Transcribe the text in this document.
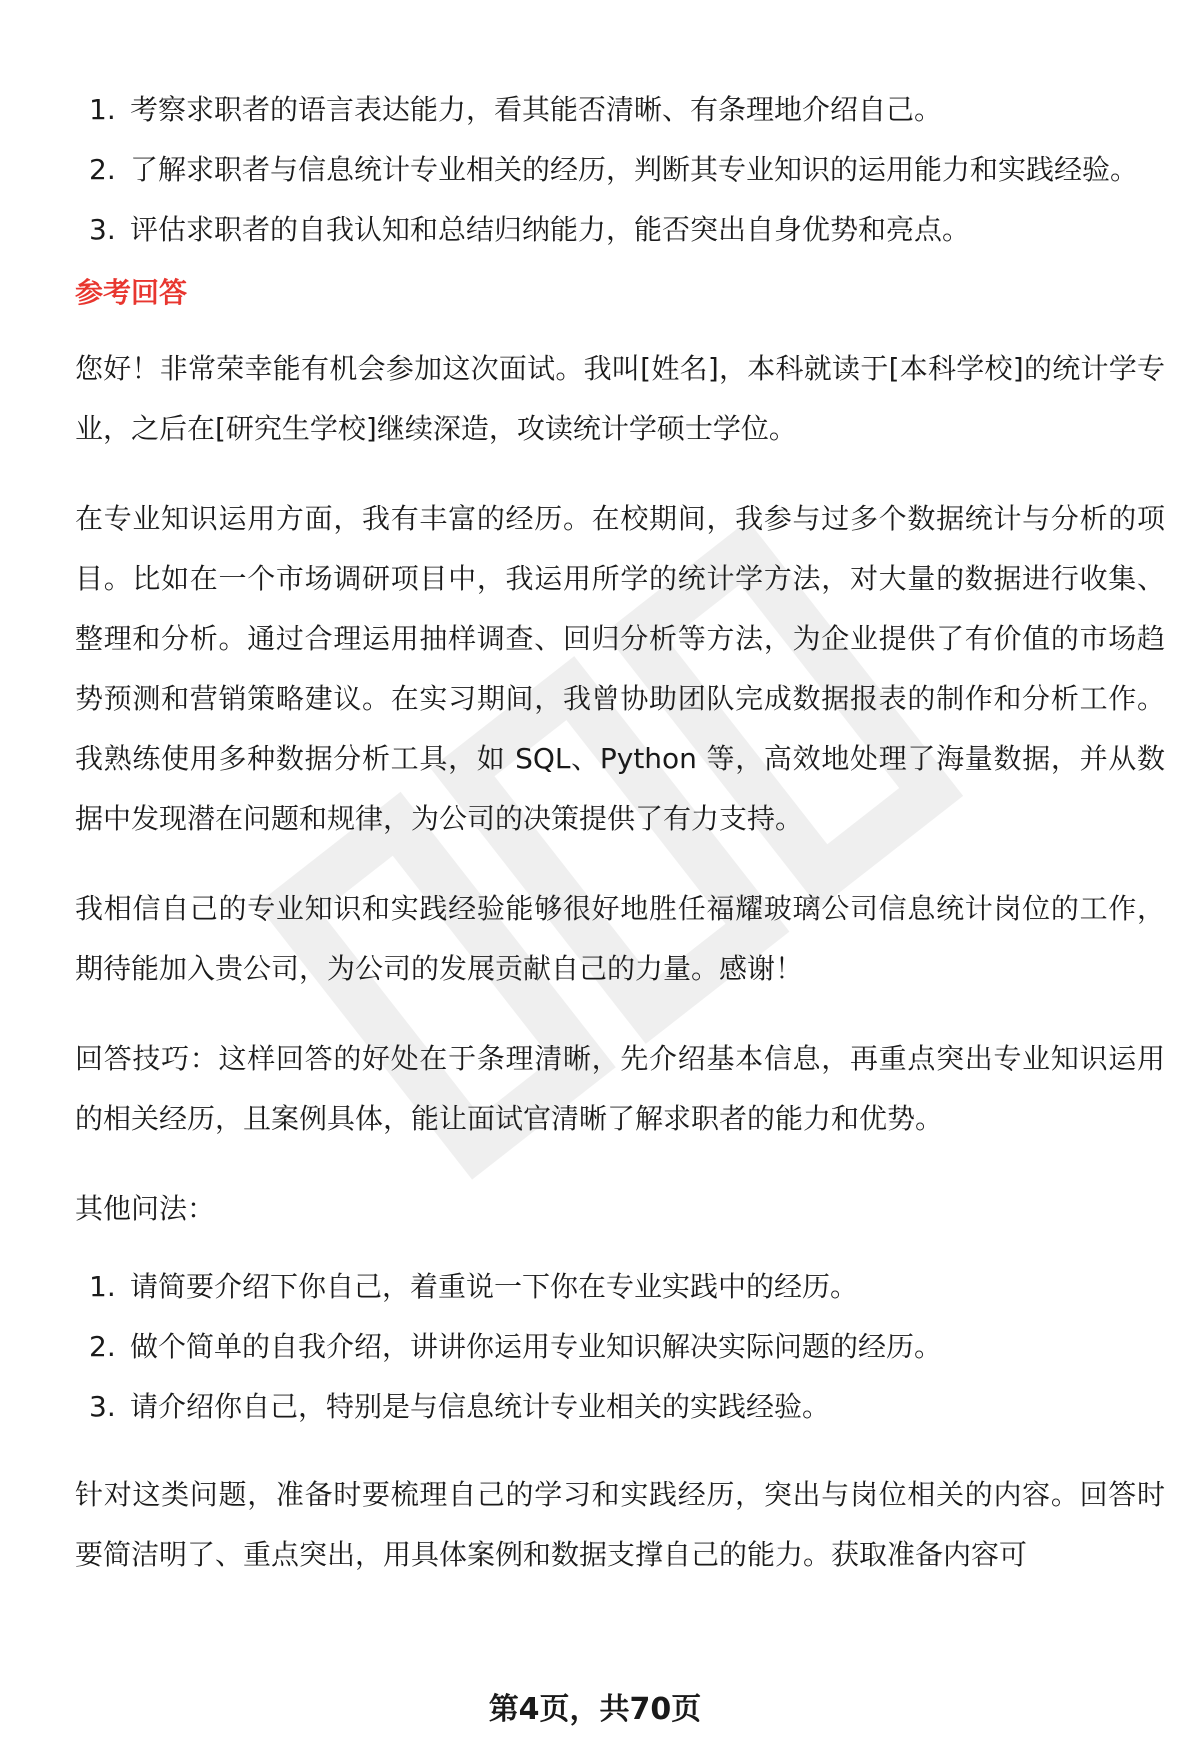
1. 考察求职者的语言表达能力，看其能否清晰、有条理地介绍自己。
2. 了解求职者与信息统计专业相关的经历，判断其专业知识的运用能力和实践经验。
3. 评估求职者的自我认知和总结归纳能力，能否突出自身优势和亮点。
参考回答

您好！非常荣幸能有机会参加这次面试。我叫[姓名]，本科就读于[本科学校]的统计学专业，之后在[研究生学校]继续深造，攻读统计学硕士学位。

在专业知识运用方面，我有丰富的经历。在校期间，我参与过多个数据统计与分析的项目。比如在一个市场调研项目中，我运用所学的统计学方法，对大量的数据进行收集、整理和分析。通过合理运用抽样调查、回归分析等方法，为企业提供了有价值的市场趋势预测和营销策略建议。在实习期间，我曾协助团队完成数据报表的制作和分析工作。我熟练使用多种数据分析工具，如 SQL、Python 等，高效地处理了海量数据，并从数据中发现潜在问题和规律，为公司的决策提供了有力支持。

我相信自己的专业知识和实践经验能够很好地胜任福耀玻璃公司信息统计岗位的工作，期待能加入贵公司，为公司的发展贡献自己的力量。感谢！

回答技巧：这样回答的好处在于条理清晰，先介绍基本信息，再重点突出专业知识运用的相关经历，且案例具体，能让面试官清晰了解求职者的能力和优势。

其他问法：

1. 请简要介绍下你自己，着重说一下你在专业实践中的经历。
2. 做个简单的自我介绍，讲讲你运用专业知识解决实际问题的经历。
3. 请介绍你自己，特别是与信息统计专业相关的实践经验。

针对这类问题，准备时要梳理自己的学习和实践经历，突出与岗位相关的内容。回答时要简洁明了、重点突出，用具体案例和数据支撑自己的能力。获取准备内容可

第4页，共70页
